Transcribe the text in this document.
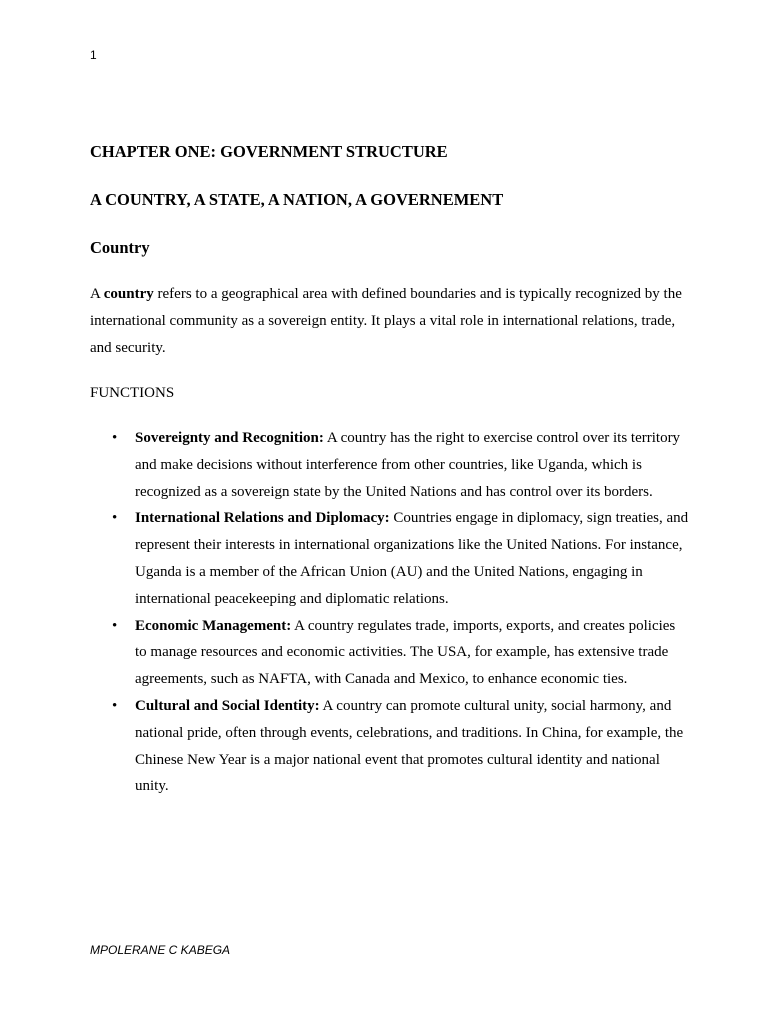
1
CHAPTER ONE: GOVERNMENT STRUCTURE
A COUNTRY, A STATE, A NATION, A GOVERNEMENT
Country

A country refers to a geographical area with defined boundaries and is typically recognized by the international community as a sovereign entity. It plays a vital role in international relations, trade, and security.

FUNCTIONS
• Sovereignty and Recognition: A country has the right to exercise control over its territory and make decisions without interference from other countries, like Uganda, which is recognized as a sovereign state by the United Nations and has control over its borders.
• International Relations and Diplomacy: Countries engage in diplomacy, sign treaties, and represent their interests in international organizations like the United Nations. For instance, Uganda is a member of the African Union (AU) and the United Nations, engaging in international peacekeeping and diplomatic relations.
• Economic Management: A country regulates trade, imports, exports, and creates policies to manage resources and economic activities. The USA, for example, has extensive trade agreements, such as NAFTA, with Canada and Mexico, to enhance economic ties.
• Cultural and Social Identity: A country can promote cultural unity, social harmony, and national pride, often through events, celebrations, and traditions. In China, for example, the Chinese New Year is a major national event that promotes cultural identity and national unity.
MPOLERANE C KABEGA
